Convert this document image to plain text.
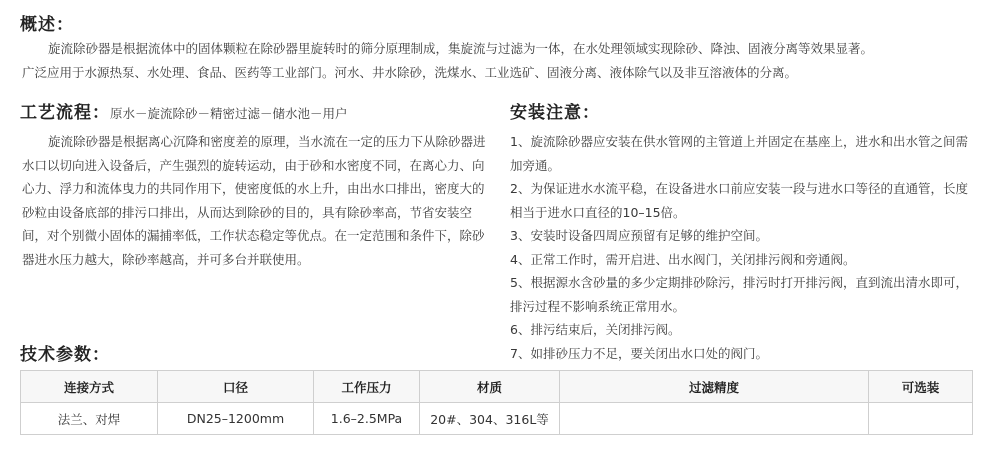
概述：
旋流除砂器是根据流体中的固体颗粒在除砂器里旋转时的筛分原理制成，集旋流与过滤为一体，在水处理领域实现除砂、降浊、固液分离等效果显著。
广泛应用于水源热泵、水处理、食品、医药等工业部门。河水、井水除砂，洗煤水、工业选矿、固液分离、液体除气以及非互溶液体的分离。
工艺流程：原水－旋流除砂－精密过滤－储水池－用户
旋流除砂器是根据离心沉降和密度差的原理，当水流在一定的压力下从除砂器进水口以切向进入设备后，产生强烈的旋转运动，由于砂和水密度不同，在离心力、向心力、浮力和流体曳力的共同作用下，使密度低的水上升，由出水口排出，密度大的砂粒由设备底部的排污口排出，从而达到除砂的目的，具有除砂率高，节省安装空间，对个别微小固体的漏捕率低，工作状态稳定等优点。在一定范围和条件下，除砂器进水压力越大，除砂率越高，并可多台并联使用。
安装注意：
1、旋流除砂器应安装在供水管网的主管道上并固定在基座上，进水和出水管之间需加旁通。
2、为保证进水水流平稳，在设备进水口前应安装一段与进水口等径的直通管，长度相当于进水口直径的10–15倍。
3、安装时设备四周应预留有足够的维护空间。
4、正常工作时，需开启进、出水阀门，关闭排污阀和旁通阀。
5、根据源水含砂量的多少定期排砂除污，排污时打开排污阀，直到流出清水即可，排污过程不影响系统正常用水。
6、排污结束后，关闭排污阀。
7、如排砂压力不足，要关闭出水口处的阀门。
技术参数：
连接方式	口径	工作压力	材质	过滤精度	可选装
法兰、对焊	DN25–1200mm	1.6–2.5MPa	20#、304、316L等		
